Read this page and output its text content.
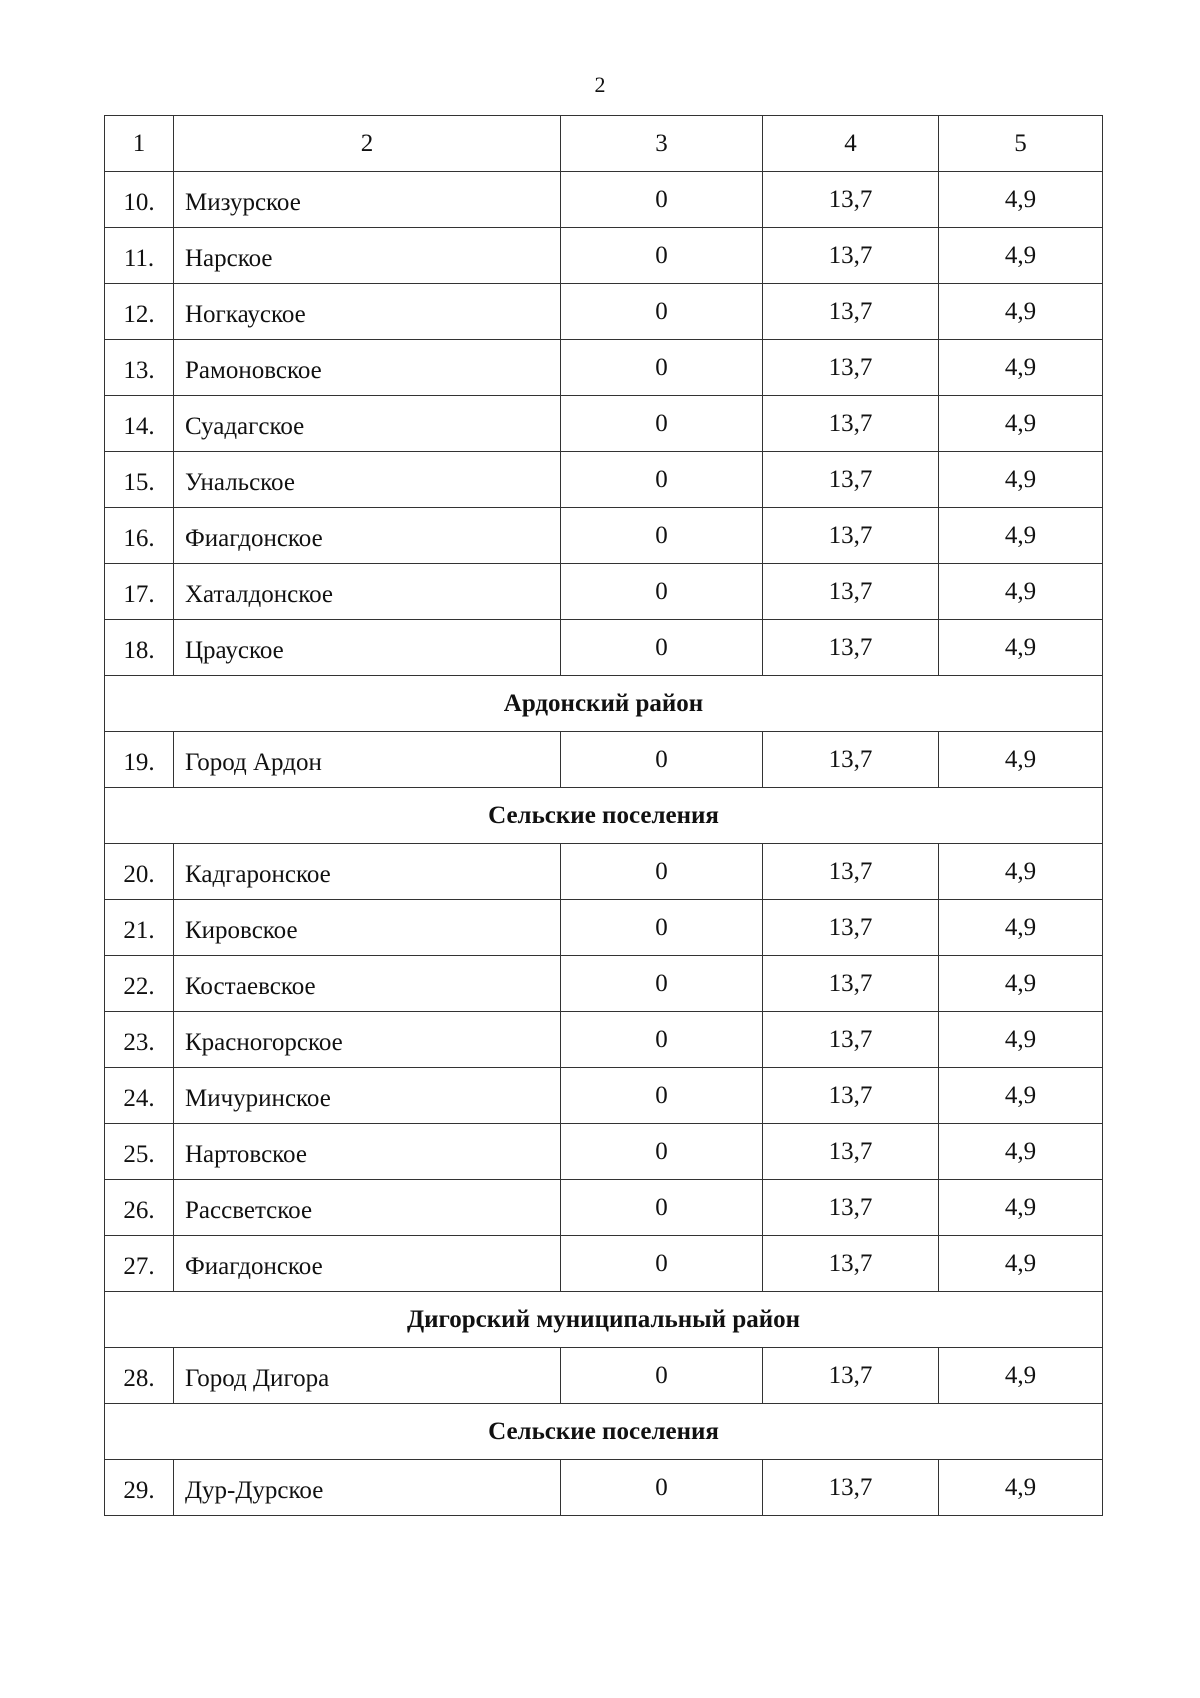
2
1	2	3	4	5
10.	Мизурское	0	13,7	4,9
11.	Нарское	0	13,7	4,9
12.	Ногкауское	0	13,7	4,9
13.	Рамоновское	0	13,7	4,9
14.	Суадагское	0	13,7	4,9
15.	Унальское	0	13,7	4,9
16.	Фиагдонское	0	13,7	4,9
17.	Хаталдонское	0	13,7	4,9
18.	Црауское	0	13,7	4,9
Ардонский район				
19.	Город Ардон	0	13,7	4,9
Сельские поселения				
20.	Кадгаронское	0	13,7	4,9
21.	Кировское	0	13,7	4,9
22.	Костаевское	0	13,7	4,9
23.	Красногорское	0	13,7	4,9
24.	Мичуринское	0	13,7	4,9
25.	Нартовское	0	13,7	4,9
26.	Рассветское	0	13,7	4,9
27.	Фиагдонское	0	13,7	4,9
Дигорский муниципальный район				
28.	Город Дигора	0	13,7	4,9
Сельские поселения				
29.	Дур-Дурское	0	13,7	4,9
